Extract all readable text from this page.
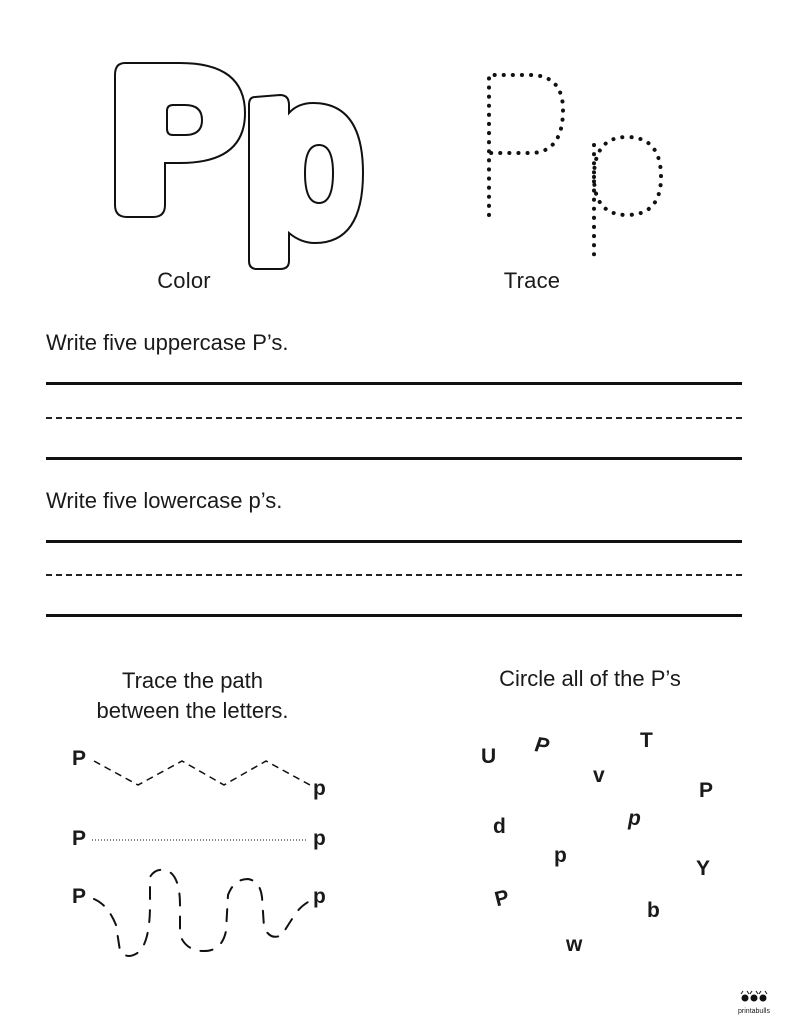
Color	Trace
Write five uppercase P’s.
Write five lowercase p’s.
Trace the path
between the letters.
P
p
P	p
P	p
Circle all of the P’s
U P	T
v
P
d	p
p
Y
P	b
w
printabulls
